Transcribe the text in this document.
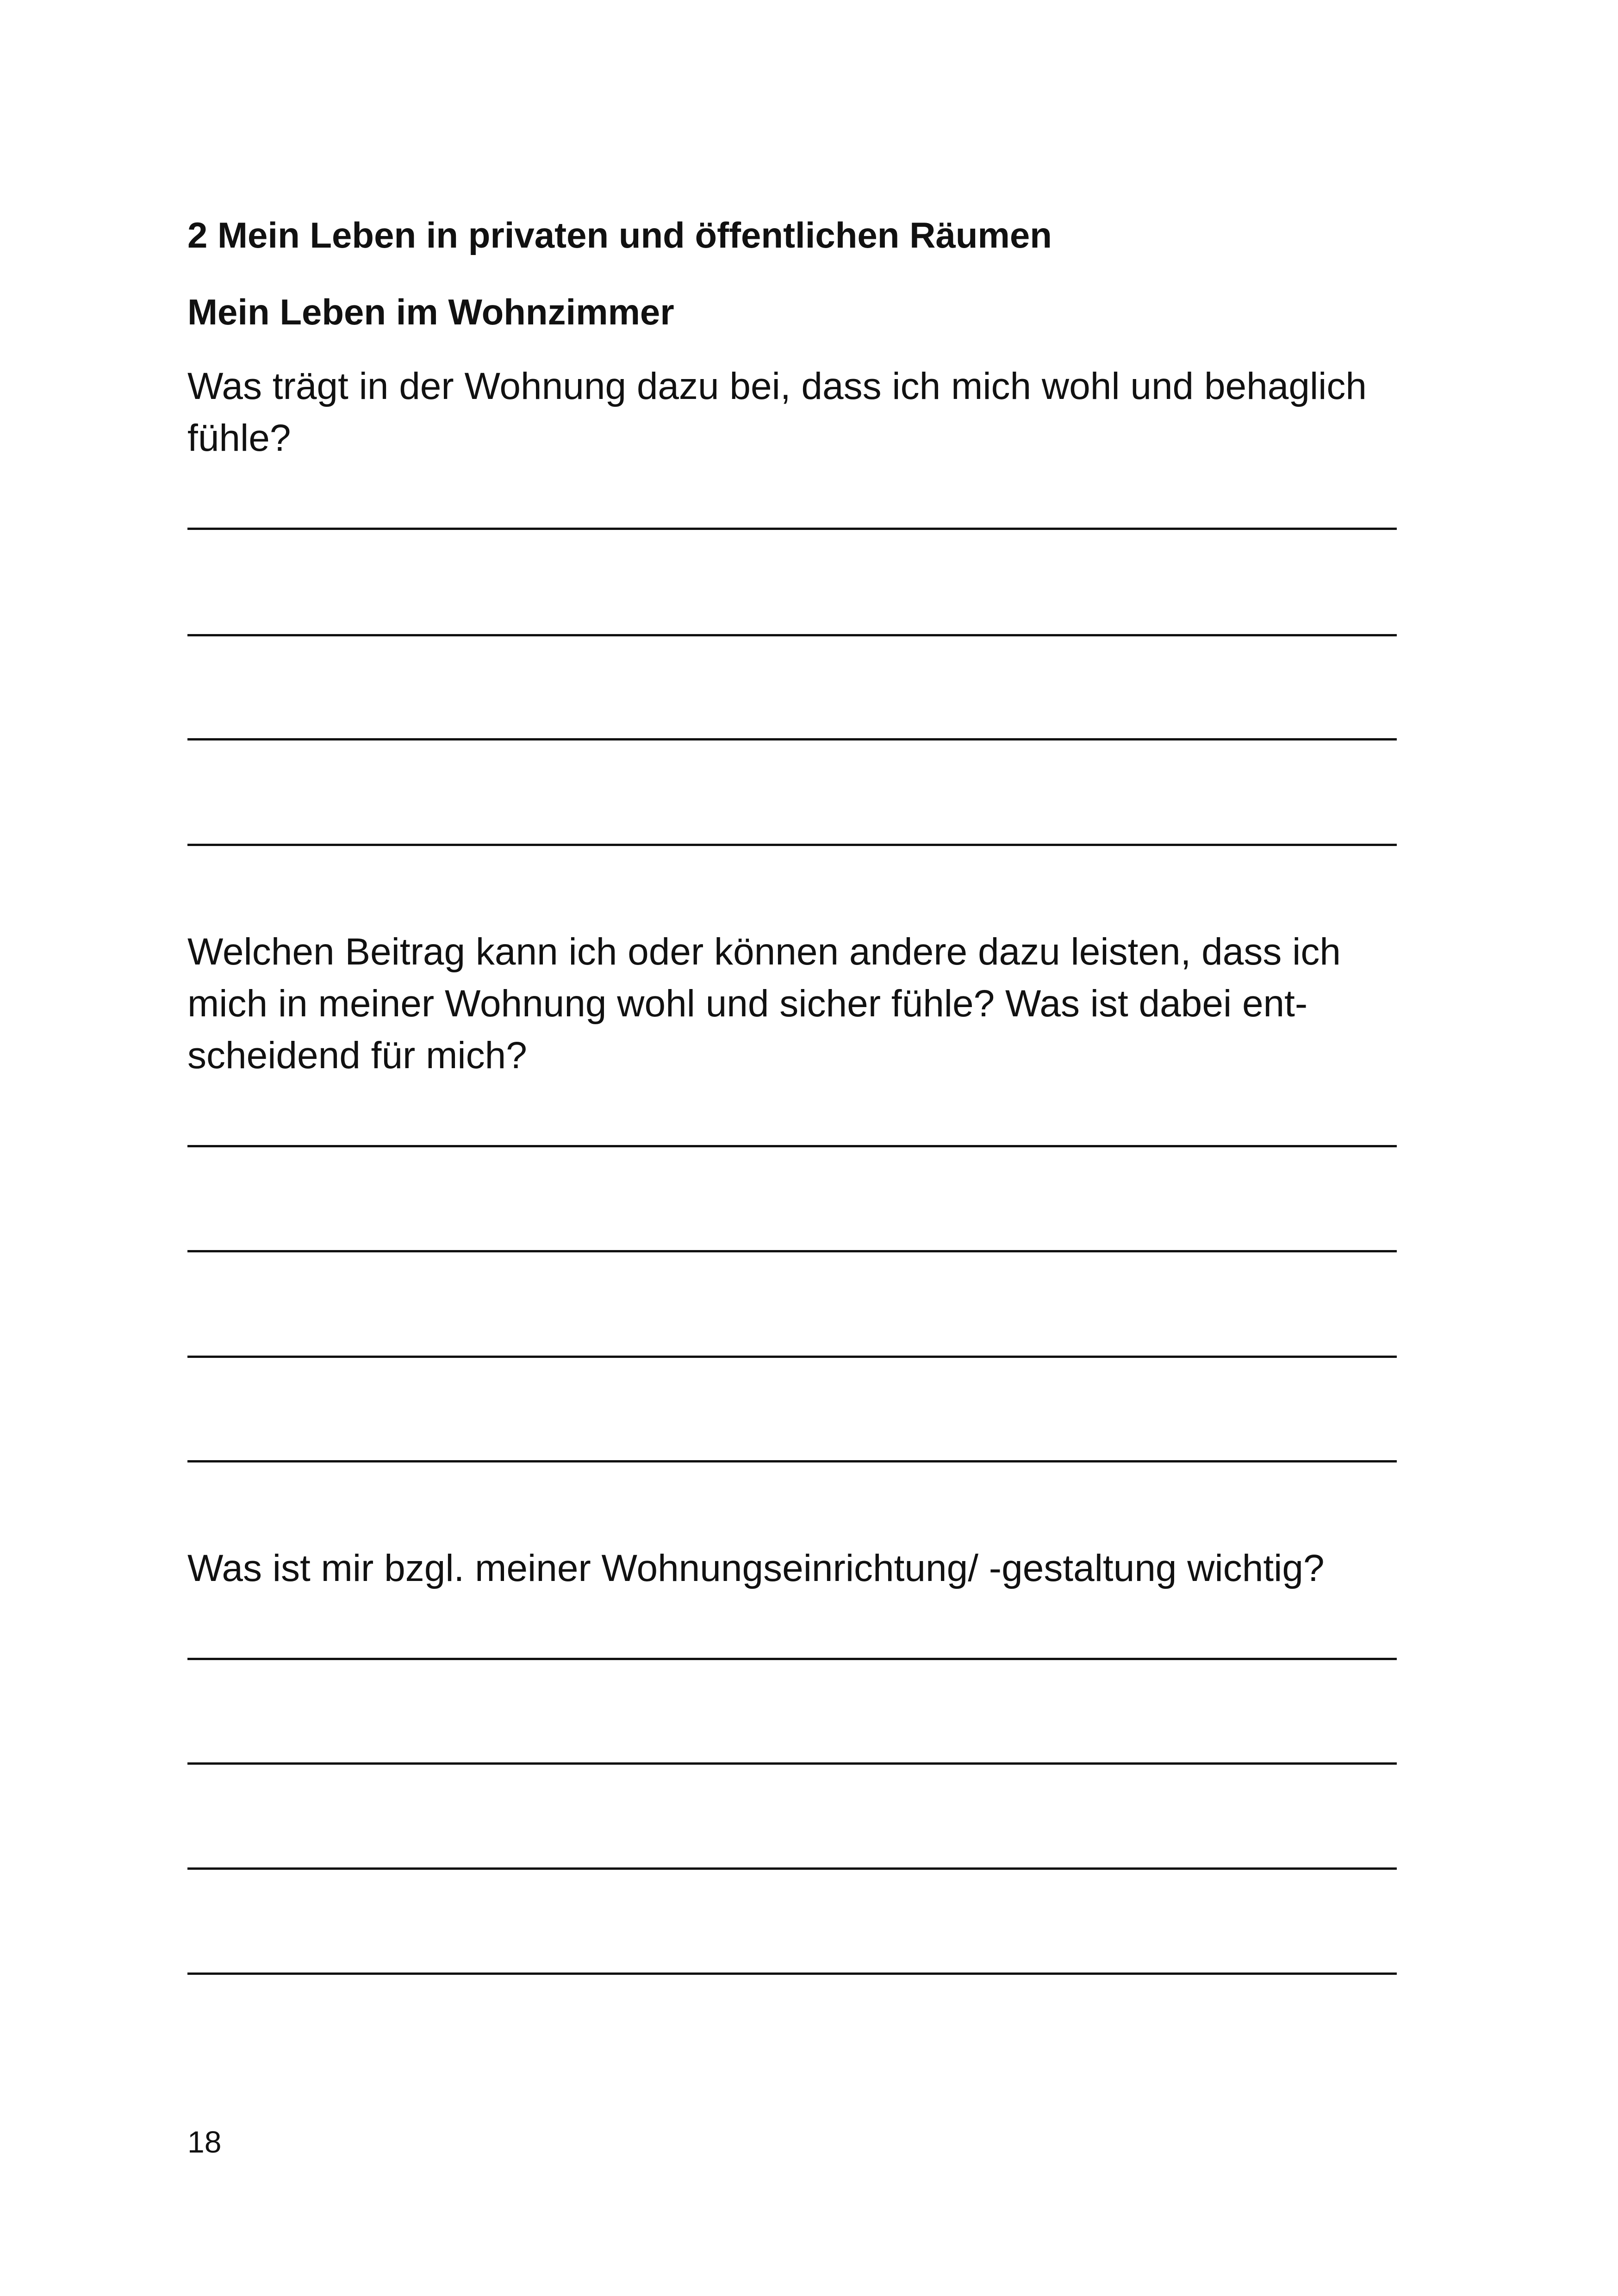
2 Mein Leben in privaten und öffentlichen Räumen
Mein Leben im Wohnzimmer

Was trägt in der Wohnung dazu bei, dass ich mich wohl und behaglich

fühle?

Welchen Beitrag kann ich oder können andere dazu leisten, dass ich

mich in meiner Wohnung wohl und sicher fühle? Was ist dabei ent-

scheidend für mich?

Was ist mir bzgl. meiner Wohnungseinrichtung/ -gestaltung wichtig?

18
